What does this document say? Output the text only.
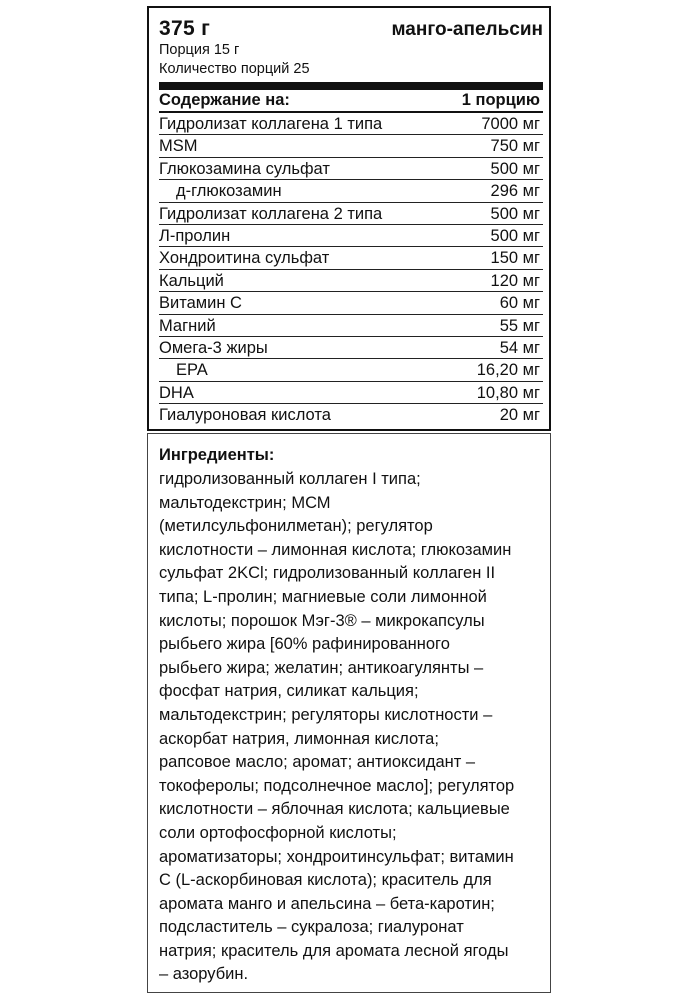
375 г	манго-апельсин
Порция 15 г
Количество порций 25
Содержание на:	1 порцию
Гидролизат коллагена 1 типа	7000 мг
MSM	750 мг
Глюкозамина сульфат	500 мг
д-глюкозамин	296 мг
Гидролизат коллагена 2 типа	500 мг
Л-пролин	500 мг
Хондроитина сульфат	150 мг
Кальций	120 мг
Витамин С	60 мг
Магний	55 мг
Омега-3 жиры	54 мг
EPA	16,20 мг
DHA	10,80 мг
Гиалуроновая кислота	20 мг
Ингредиенты:
гидролизованный коллаген I типа;
мальтодекстрин; МСМ
(метилсульфонилметан); регулятор
кислотности – лимонная кислота; глюкозамин
сульфат 2KCl; гидролизованный коллаген II
типа; L-пролин; магниевые соли лимонной
кислоты; порошок Мэг-3® – микрокапсулы
рыбьего жира [60% рафинированного
рыбьего жира; желатин; антикоагулянты –
фосфат натрия, силикат кальция;
мальтодекстрин; регуляторы кислотности –
аскорбат натрия, лимонная кислота;
рапсовое масло; аромат; антиоксидант –
токоферолы; подсолнечное масло]; регулятор
кислотности – яблочная кислота; кальциевые
соли ортофосфорной кислоты;
ароматизаторы; хондроитинсульфат; витамин
С (L-аскорбиновая кислота); краситель для
аромата манго и апельсина – бета-каротин;
подсластитель – сукралоза; гиалуронат
натрия; краситель для аромата лесной ягоды
– азорубин.
